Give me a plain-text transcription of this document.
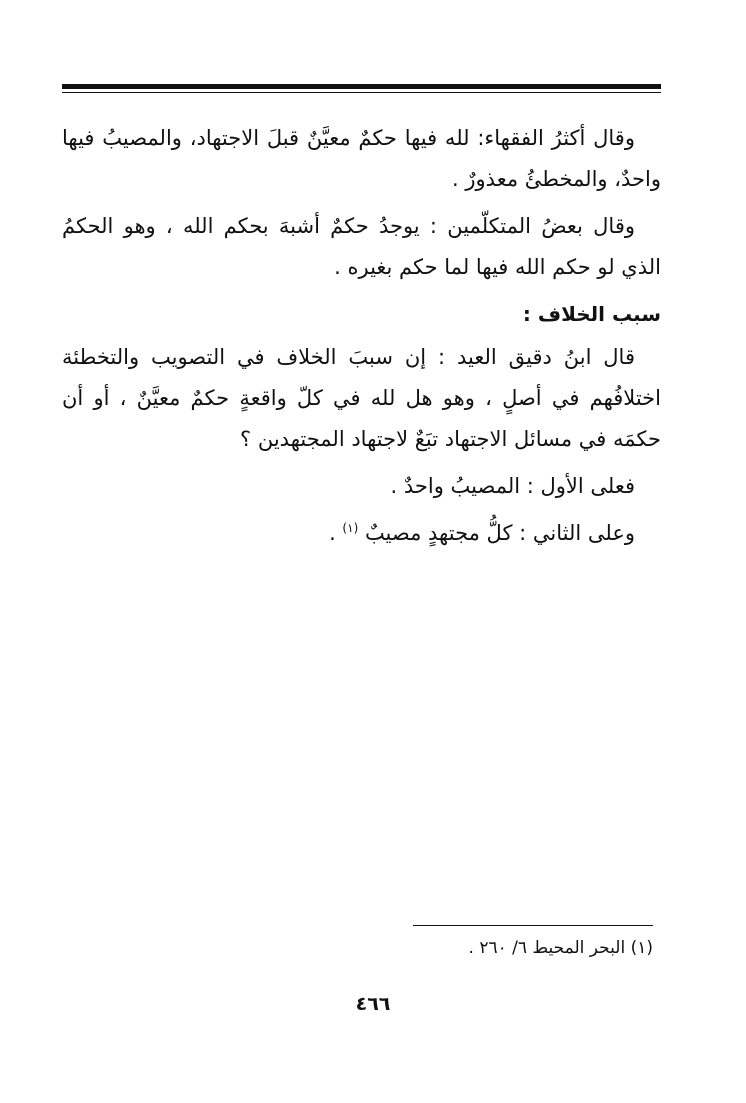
وقال أكثرُ الفقهاء: لله فيها حكمٌ معيَّنٌ قبلَ الاجتهاد، والمصيبُ فيها واحدٌ، والمخطئُ معذورٌ .

وقال بعضُ المتكلّمين : يوجدُ حكمٌ أشبهَ بحكم الله ، وهو الحكمُ الذي لو حكم الله فيها لما حكم بغيره .

سبب الخلاف :

قال ابنُ دقيق العيد : إن سببَ الخلاف في التصويب والتخطئة اختلافُهم في أصلٍ ، وهو هل لله في كلّ واقعةٍ حكمٌ معيَّنٌ ، أو أن حكمَه في مسائل الاجتهاد تبَعٌ لاجتهاد المجتهدين ؟

فعلى الأول : المصيبُ واحدٌ .

وعلى الثاني : كلُّ مجتهدٍ مصيبٌ $^{(١)}$ .

(١) البحر المحيط ٦/ ٢٦٠ .
٤٦٦
